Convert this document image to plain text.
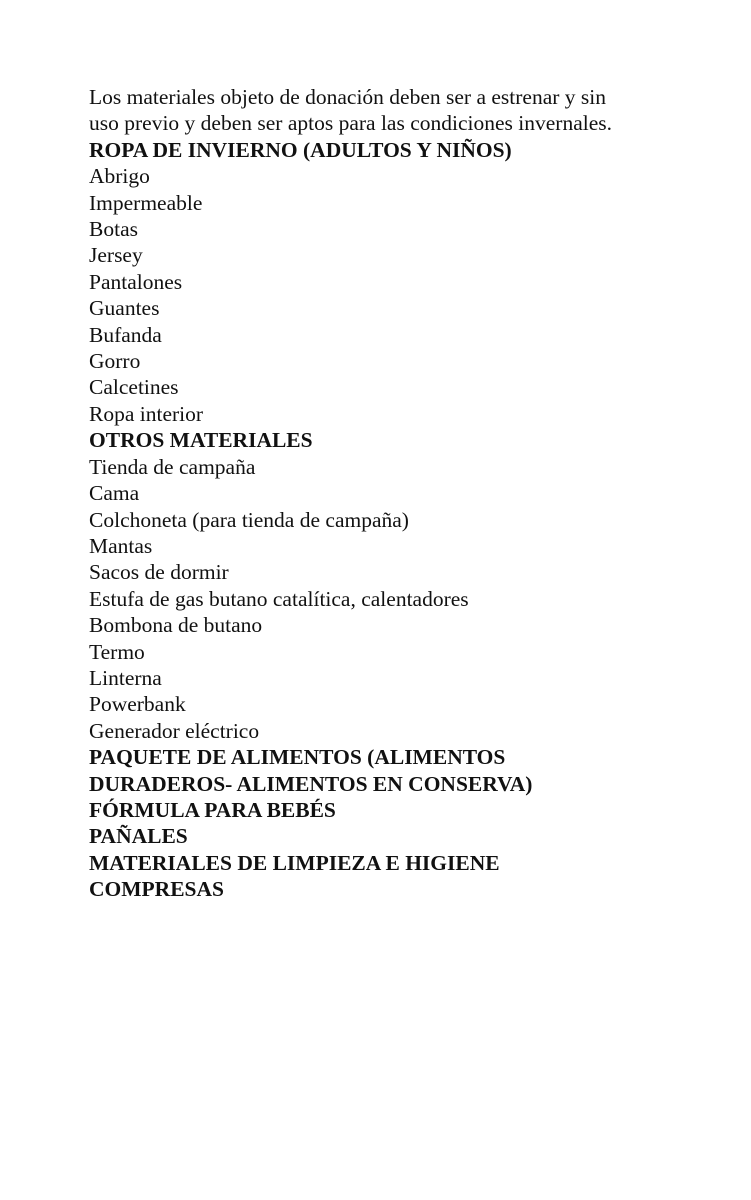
Los materiales objeto de donación deben ser a estrenar y sin
uso previo y deben ser aptos para las condiciones invernales.

ROPA DE INVIERNO (ADULTOS Y NIÑOS)
Abrigo
Impermeable
Botas
Jersey
Pantalones
Guantes
Bufanda
Gorro
Calcetines
Ropa interior
OTROS MATERIALES
Tienda de campaña
Cama
Colchoneta (para tienda de campaña)
Mantas
Sacos de dormir
Estufa de gas butano catalítica, calentadores
Bombona de butano
Termo
Linterna
Powerbank
Generador eléctrico
PAQUETE DE ALIMENTOS (ALIMENTOS
DURADEROS- ALIMENTOS EN CONSERVA)
FÓRMULA PARA BEBÉS
PAÑALES
MATERIALES DE LIMPIEZA E HIGIENE
COMPRESAS
